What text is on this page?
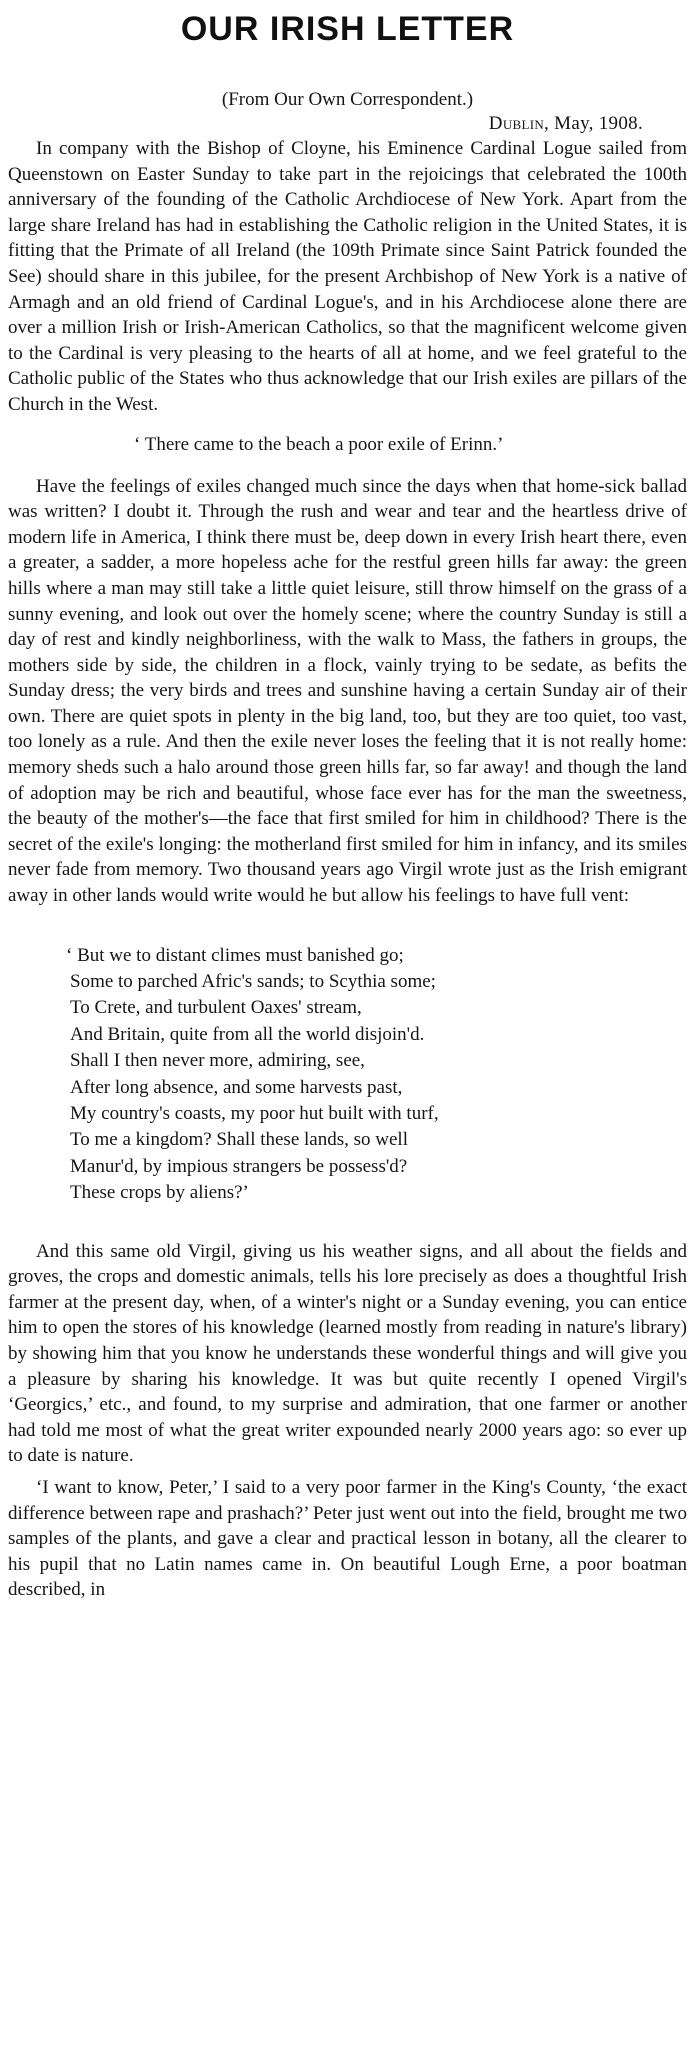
OUR IRISH LETTER
(From Our Own Correspondent.)
Dublin, May, 1908.

In company with the Bishop of Cloyne, his Eminence Cardinal Logue sailed from Queenstown on Easter Sunday to take part in the rejoicings that celebrated the 100th anniversary of the founding of the Catholic Archdiocese of New York. Apart from the large share Ireland has had in establishing the Catholic religion in the United States, it is fitting that the Primate of all Ireland (the 109th Primate since Saint Patrick founded the See) should share in this jubilee, for the present Archbishop of New York is a native of Armagh and an old friend of Cardinal Logue's, and in his Archdiocese alone there are over a million Irish or Irish-American Catholics, so that the magnificent welcome given to the Cardinal is very pleasing to the hearts of all at home, and we feel grateful to the Catholic public of the States who thus acknowledge that our Irish exiles are pillars of the Church in the West.

‘ There came to the beach a poor exile of Erinn.’

Have the feelings of exiles changed much since the days when that home-sick ballad was written? I doubt it. Through the rush and wear and tear and the heartless drive of modern life in America, I think there must be, deep down in every Irish heart there, even a greater, a sadder, a more hopeless ache for the restful green hills far away: the green hills where a man may still take a little quiet leisure, still throw himself on the grass of a sunny evening, and look out over the homely scene; where the country Sunday is still a day of rest and kindly neighborliness, with the walk to Mass, the fathers in groups, the mothers side by side, the children in a flock, vainly trying to be sedate, as befits the Sunday dress; the very birds and trees and sunshine having a certain Sunday air of their own. There are quiet spots in plenty in the big land, too, but they are too quiet, too vast, too lonely as a rule. And then the exile never loses the feeling that it is not really home: memory sheds such a halo around those green hills far, so far away! and though the land of adoption may be rich and beautiful, whose face ever has for the man the sweetness, the beauty of the mother's—the face that first smiled for him in childhood? There is the secret of the exile's longing: the motherland first smiled for him in infancy, and its smiles never fade from memory. Two thousand years ago Virgil wrote just as the Irish emigrant away in other lands would write would he but allow his feelings to have full vent:

‘ But we to distant climes must banished go;
Some to parched Afric's sands; to Scythia some;
To Crete, and turbulent Oaxes' stream,
And Britain, quite from all the world disjoin'd.
Shall I then never more, admiring, see,
After long absence, and some harvests past,
My country's coasts, my poor hut built with turf,
To me a kingdom? Shall these lands, so well
Manur'd, by impious strangers be possess'd?
These crops by aliens?’

And this same old Virgil, giving us his weather signs, and all about the fields and groves, the crops and domestic animals, tells his lore precisely as does a thoughtful Irish farmer at the present day, when, of a winter's night or a Sunday evening, you can entice him to open the stores of his knowledge (learned mostly from reading in nature's library) by showing him that you know he understands these wonderful things and will give you a pleasure by sharing his knowledge. It was but quite recently I opened Virgil's ‘Georgics,’ etc., and found, to my surprise and admiration, that one farmer or another had told me most of what the great writer expounded nearly 2000 years ago: so ever up to date is nature.

‘I want to know, Peter,’ I said to a very poor farmer in the King's County, ‘the exact difference between rape and prashach?’ Peter just went out into the field, brought me two samples of the plants, and gave a clear and practical lesson in botany, all the clearer to his pupil that no Latin names came in. On beautiful Lough Erne, a poor boatman described, in
